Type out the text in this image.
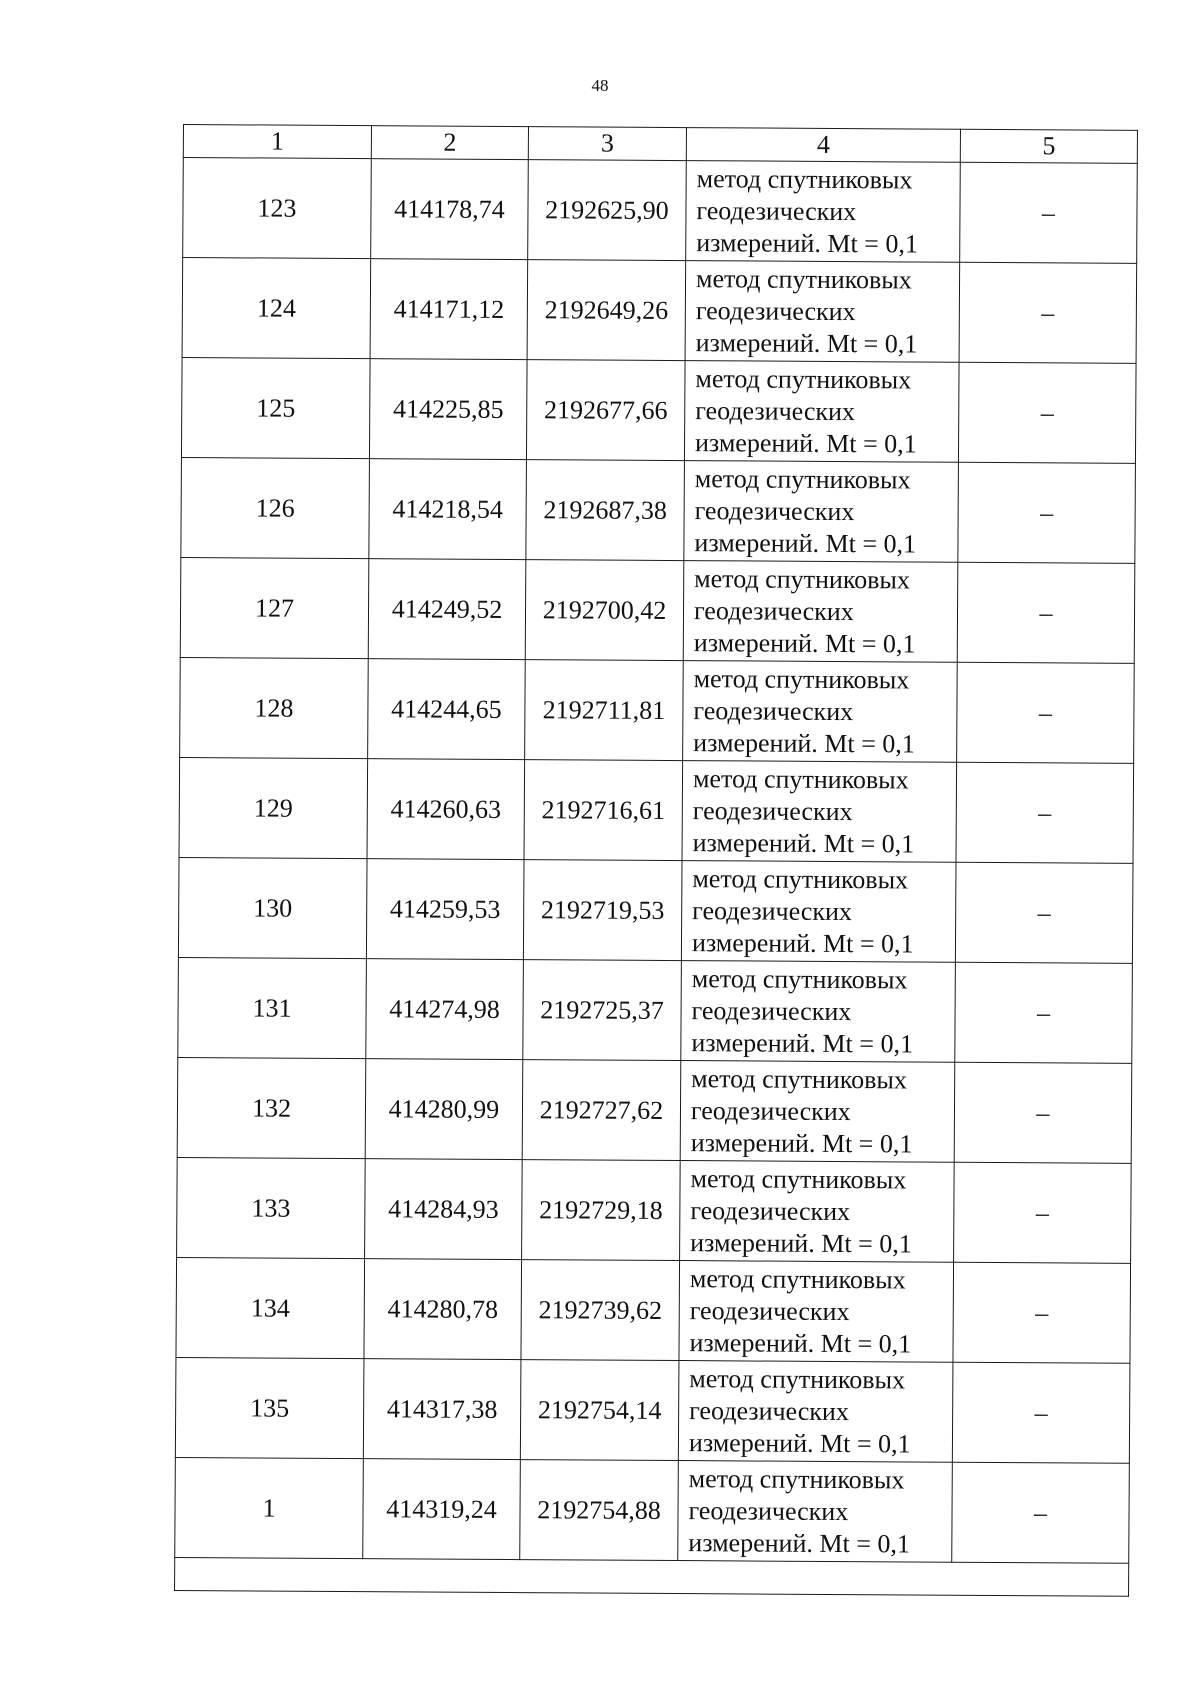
48
1	2	3	4	5
123	414178,74	2192625,90	метод спутниковых
геодезических
измерений. Mt = 0,1	–
124	414171,12	2192649,26	метод спутниковых
геодезических
измерений. Mt = 0,1	–
125	414225,85	2192677,66	метод спутниковых
геодезических
измерений. Mt = 0,1	–
126	414218,54	2192687,38	метод спутниковых
геодезических
измерений. Mt = 0,1	–
127	414249,52	2192700,42	метод спутниковых
геодезических
измерений. Mt = 0,1	–
128	414244,65	2192711,81	метод спутниковых
геодезических
измерений. Mt = 0,1	–
129	414260,63	2192716,61	метод спутниковых
геодезических
измерений. Mt = 0,1	–
130	414259,53	2192719,53	метод спутниковых
геодезических
измерений. Mt = 0,1	–
131	414274,98	2192725,37	метод спутниковых
геодезических
измерений. Mt = 0,1	–
132	414280,99	2192727,62	метод спутниковых
геодезических
измерений. Mt = 0,1	–
133	414284,93	2192729,18	метод спутниковых
геодезических
измерений. Mt = 0,1	–
134	414280,78	2192739,62	метод спутниковых
геодезических
измерений. Mt = 0,1	–
135	414317,38	2192754,14	метод спутниковых
геодезических
измерений. Mt = 0,1	–
1	414319,24	2192754,88	метод спутниковых
геодезических
измерений. Mt = 0,1	–
